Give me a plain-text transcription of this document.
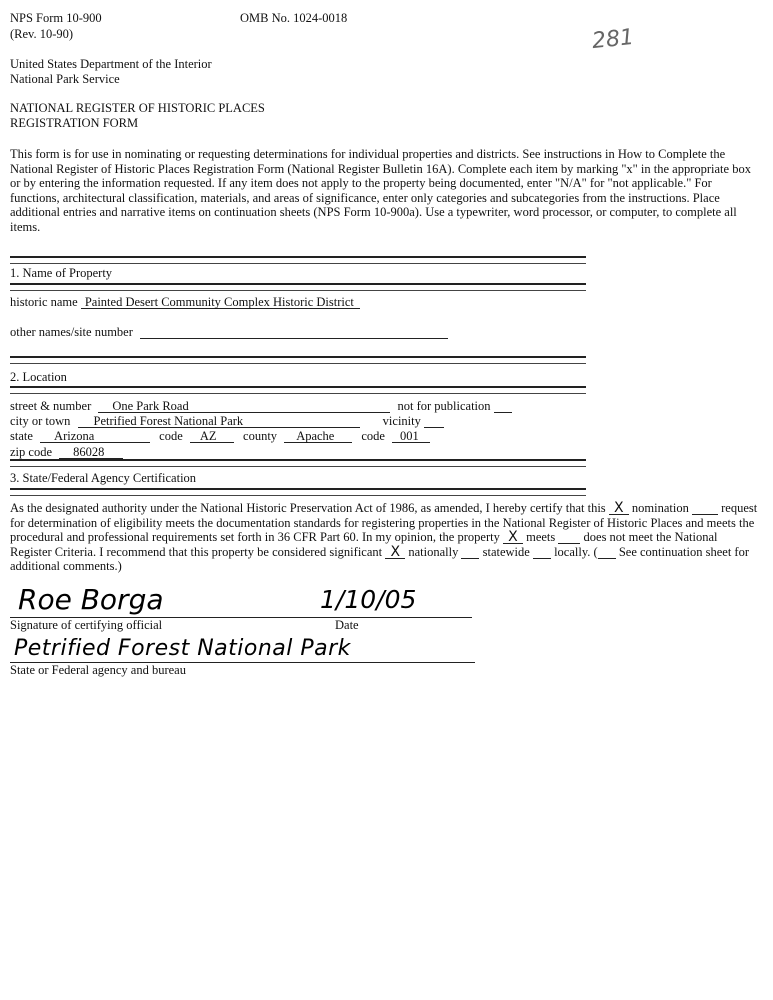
NPS Form 10-900
(Rev. 10-90)
OMB No. 1024-0018
281
United States Department of the Interior
National Park Service
NATIONAL REGISTER OF HISTORIC PLACES
REGISTRATION FORM
This form is for use in nominating or requesting determinations for individual properties and districts. See instructions in How to Complete the National Register of Historic Places Registration Form (National Register Bulletin 16A). Complete each item by marking "x" in the appropriate box or by entering the information requested. If any item does not apply to the property being documented, enter "N/A" for "not applicable." For functions, architectural classification, materials, and areas of significance, enter only categories and subcategories from the instructions. Place additional entries and narrative items on continuation sheets (NPS Form 10-900a). Use a typewriter, word processor, or computer, to complete all items.
1. Name of Property
historic name Painted Desert Community Complex Historic District
other names/site number
2. Location
street & number One Park Road	not for publication
city or town Petrified Forest National Park	vicinity
state Arizona	code AZ county Apache code 001
zip code 86028
3. State/Federal Agency Certification
As the designated authority under the National Historic Preservation Act of 1986, as amended, I hereby certify that this X nomination	request for determination of eligibility meets the documentation standards for registering properties in the National Register of Historic Places and meets the procedural and professional requirements set forth in 36 CFR Part 60. In my opinion, the property X meets does not meet the National Register Criteria. I recommend that this property be considered significant X nationally statewide locally. ( See continuation sheet for additional comments.)
Roe Borga	1/10/05
Signature of certifying official	Date
Petrified Forest National Park
State or Federal agency and bureau
